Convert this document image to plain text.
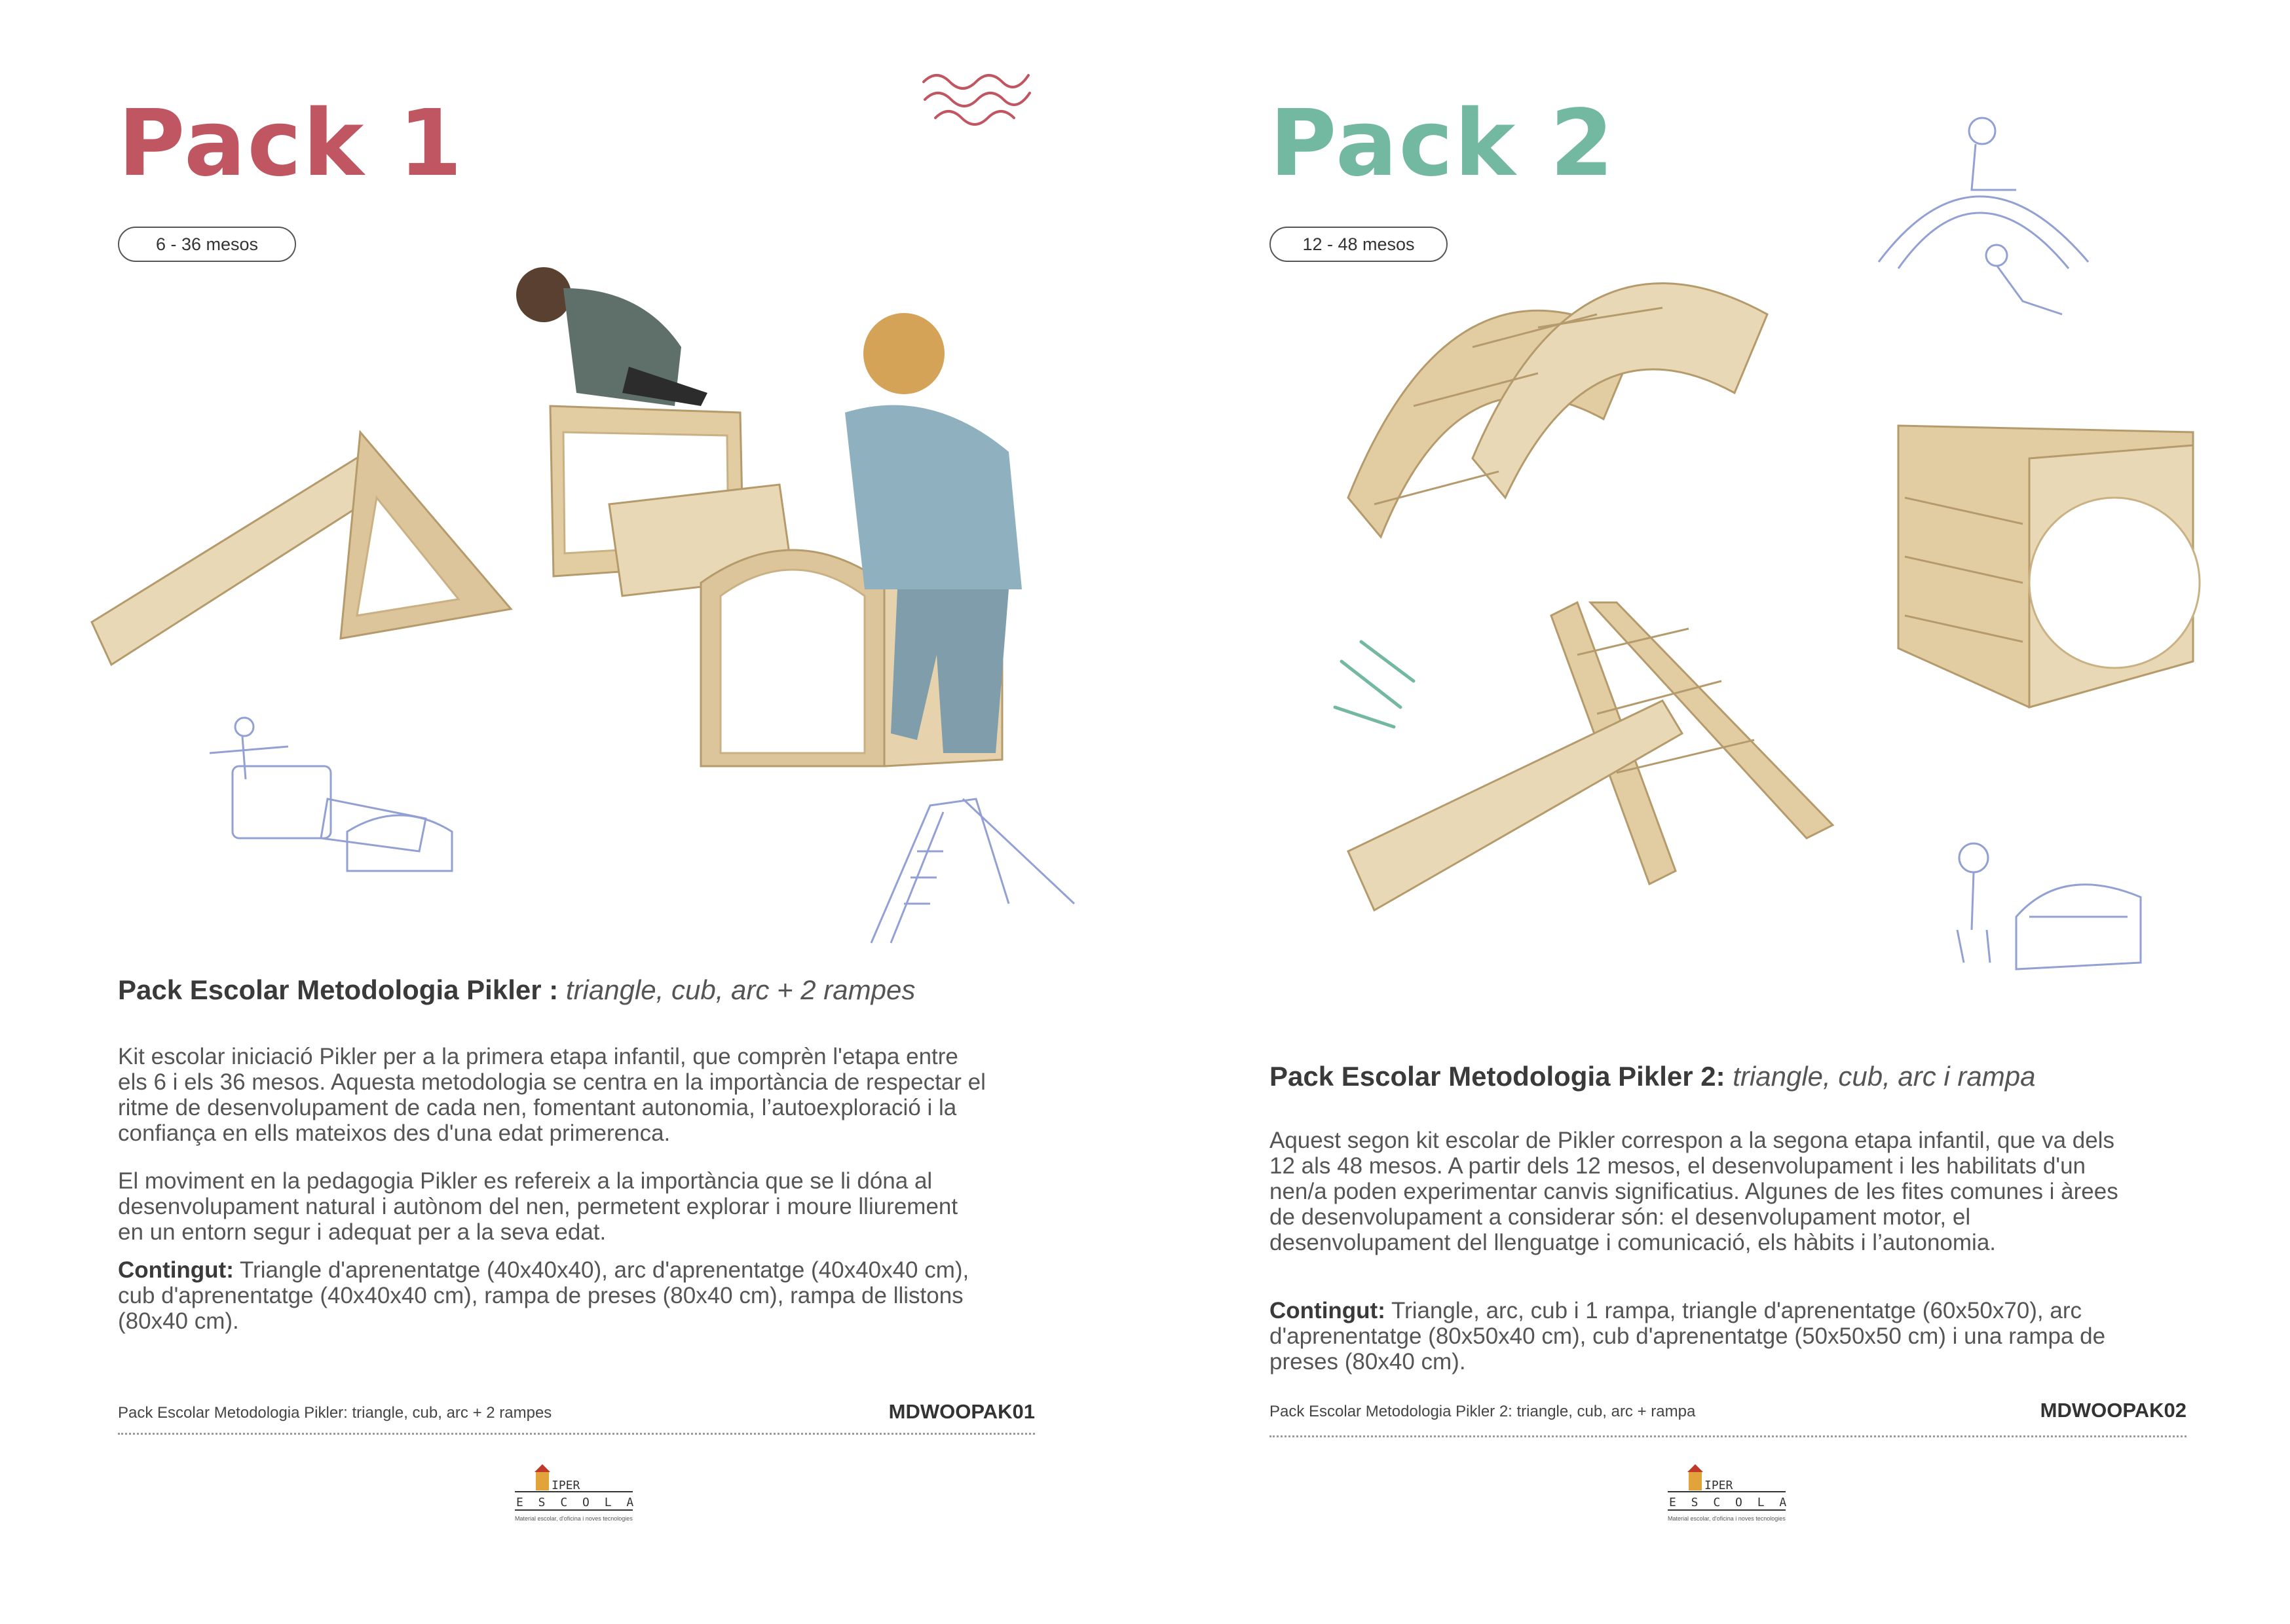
Pack 1
6 - 36 mesos
Pack Escolar Metodologia Pikler : triangle, cub, arc + 2 rampes
Kit escolar iniciació Pikler per a la primera etapa infantil, que comprèn l'etapa entre
els 6 i els 36 mesos. Aquesta metodologia se centra en la importància de respectar el
ritme de desenvolupament de cada nen, fomentant autonomia, l’autoexploració i la
confiança en ells mateixos des d'una edat primerenca.
El moviment en la pedagogia Pikler es refereix a la importància que se li dóna al
desenvolupament natural i autònom del nen, permetent explorar i moure lliurement
en un entorn segur i adequat per a la seva edat.
Contingut: Triangle d'aprenentatge (40x40x40), arc d'aprenentatge (40x40x40 cm),
cub d'aprenentatge (40x40x40 cm), rampa de preses (80x40 cm), rampa de llistons
(80x40 cm).
Pack Escolar Metodologia Pikler: triangle, cub, arc + 2 rampes	MDWOOPAK01
IPER
E S C O L A
Material escolar, d'oficina i noves tecnologies
Pack 2
12 - 48 mesos
Pack Escolar Metodologia Pikler 2: triangle, cub, arc i rampa
Aquest segon kit escolar de Pikler correspon a la segona etapa infantil, que va dels
12 als 48 mesos. A partir dels 12 mesos, el desenvolupament i les habilitats d'un
nen/a poden experimentar canvis significatius. Algunes de les fites comunes i àrees
de desenvolupament a considerar són: el desenvolupament motor, el
desenvolupament del llenguatge i comunicació, els hàbits i l’autonomia.
Contingut: Triangle, arc, cub i 1 rampa, triangle d'aprenentatge (60x50x70), arc
d'aprenentatge (80x50x40 cm), cub d'aprenentatge (50x50x50 cm) i una rampa de
preses (80x40 cm).
Pack Escolar Metodologia Pikler 2: triangle, cub, arc + rampa	MDWOOPAK02
IPER
E S C O L A
Material escolar, d'oficina i noves tecnologies
